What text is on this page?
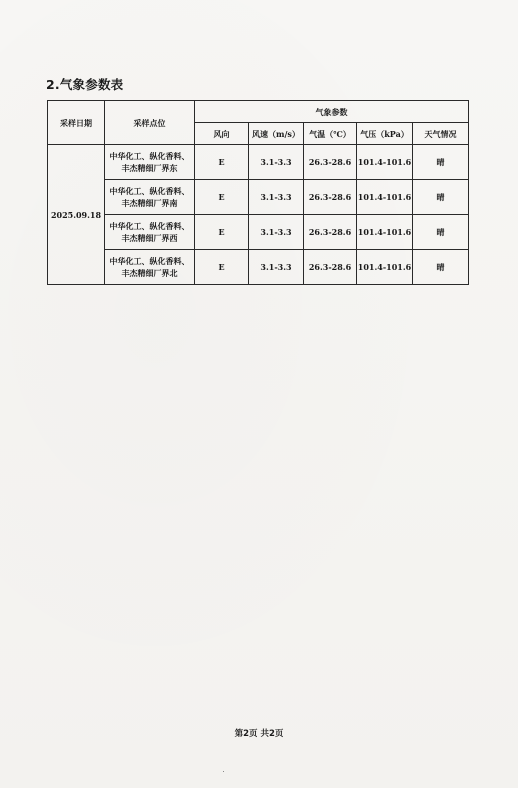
2.气象参数表
采样日期	采样点位	气象参数				
		风向	风速（m/s）	气温（℃）	气压（kPa）	天气情况
2025.09.18	中华化工、纵化香料、
丰杰精细厂界东	E	3.1-3.3	26.3-28.6	101.4-101.6	晴

	中华化工、纵化香料、
丰杰精细厂界南	E	3.1-3.3	26.3-28.6	101.4-101.6	晴

	中华化工、纵化香料、
丰杰精细厂界西	E	3.1-3.3	26.3-28.6	101.4-101.6	晴

	中华化工、纵化香料、
丰杰精细厂界北	E	3.1-3.3	26.3-28.6	101.4-101.6	晴
第2页 共2页
